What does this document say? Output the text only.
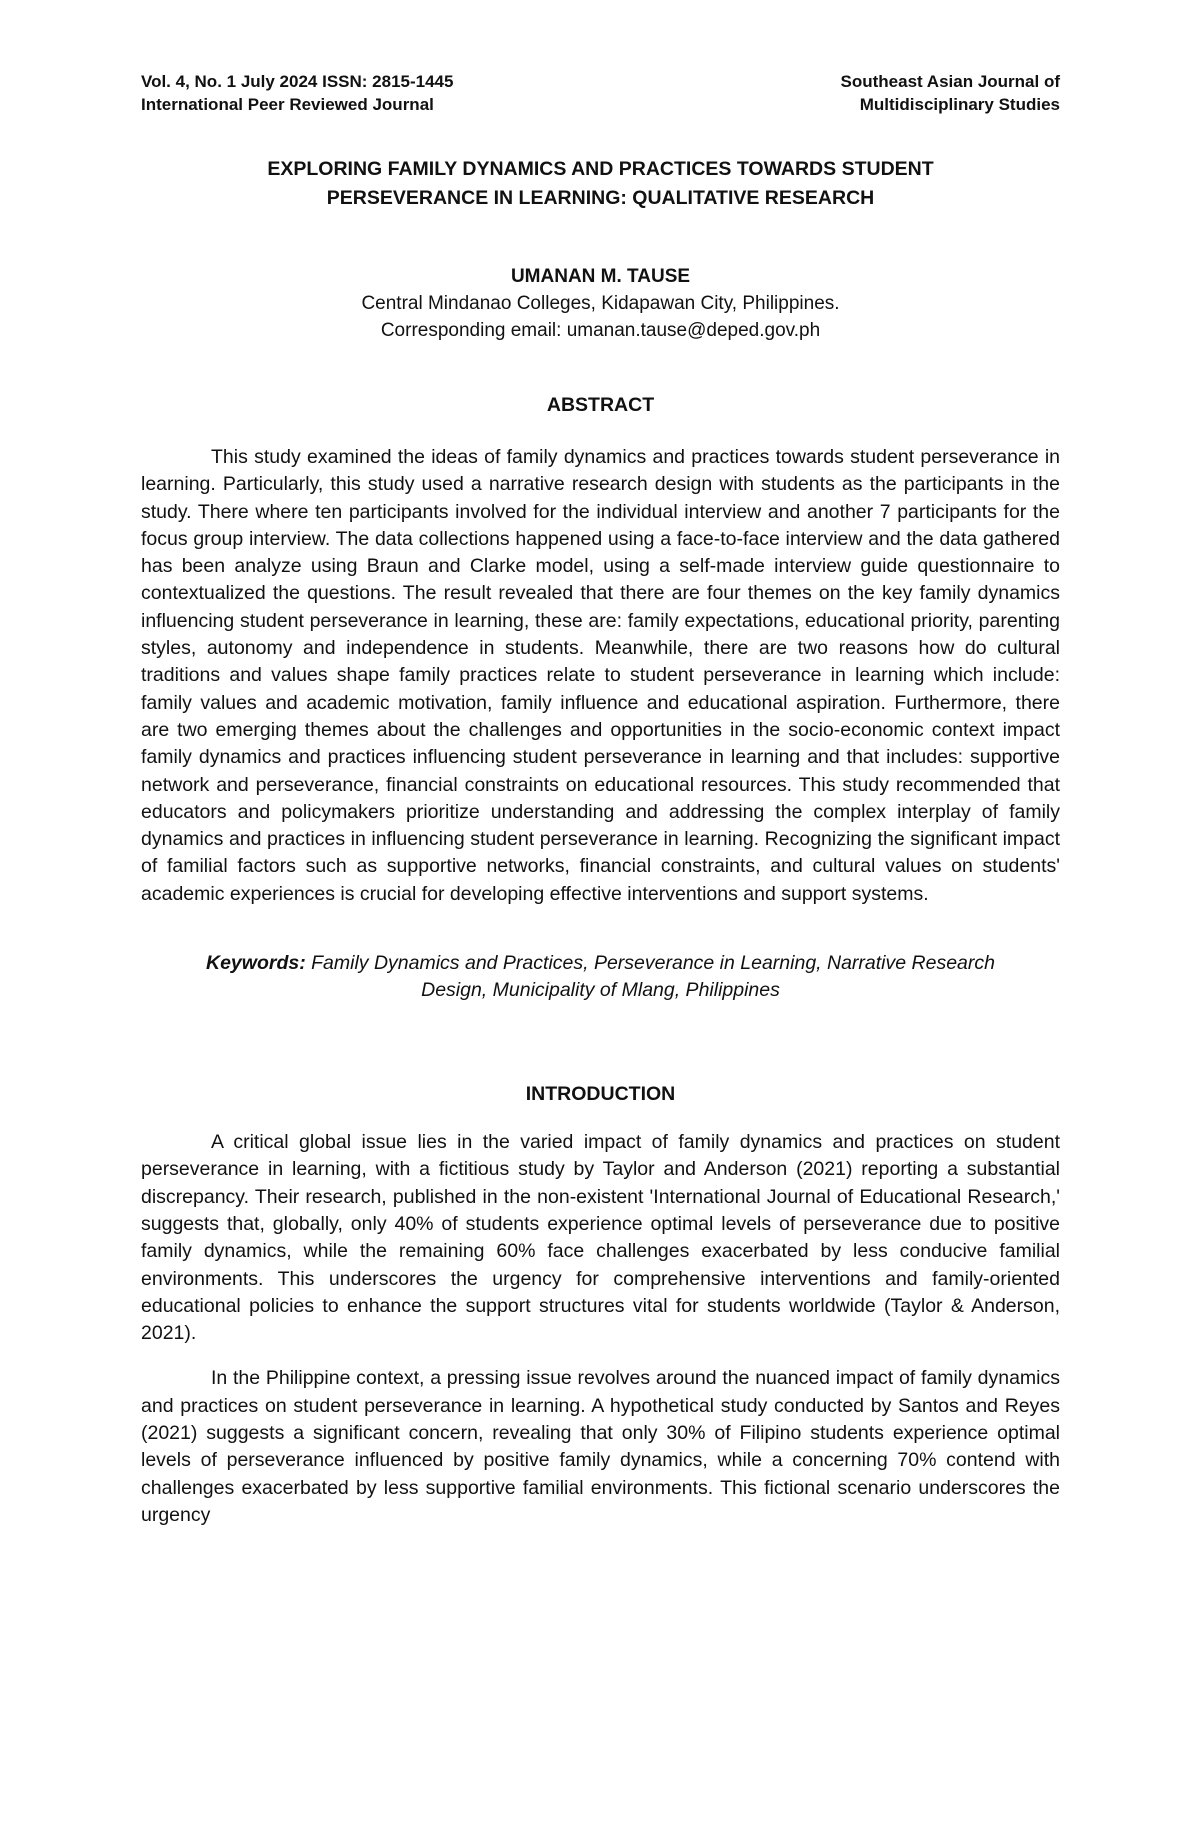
Vol. 4, No. 1 July 2024 ISSN: 2815-1445
International Peer Reviewed Journal
Southeast Asian Journal of
Multidisciplinary Studies
EXPLORING FAMILY DYNAMICS AND PRACTICES TOWARDS STUDENT
PERSEVERANCE IN LEARNING: QUALITATIVE RESEARCH
UMANAN M. TAUSE
Central Mindanao Colleges, Kidapawan City, Philippines.
Corresponding email: umanan.tause@deped.gov.ph
ABSTRACT

This study examined the ideas of family dynamics and practices towards student perseverance in learning. Particularly, this study used a narrative research design with students as the participants in the study. There where ten participants involved for the individual interview and another 7 participants for the focus group interview. The data collections happened using a face-to-face interview and the data gathered has been analyze using Braun and Clarke model, using a self-made interview guide questionnaire to contextualized the questions. The result revealed that there are four themes on the key family dynamics influencing student perseverance in learning, these are: family expectations, educational priority, parenting styles, autonomy and independence in students. Meanwhile, there are two reasons how do cultural traditions and values shape family practices relate to student perseverance in learning which include: family values and academic motivation, family influence and educational aspiration. Furthermore, there are two emerging themes about the challenges and opportunities in the socio-economic context impact family dynamics and practices influencing student perseverance in learning and that includes: supportive network and perseverance, financial constraints on educational resources. This study recommended that educators and policymakers prioritize understanding and addressing the complex interplay of family dynamics and practices in influencing student perseverance in learning. Recognizing the significant impact of familial factors such as supportive networks, financial constraints, and cultural values on students' academic experiences is crucial for developing effective interventions and support systems.

Keywords: Family Dynamics and Practices, Perseverance in Learning, Narrative Research Design, Municipality of Mlang, Philippines
INTRODUCTION

A critical global issue lies in the varied impact of family dynamics and practices on student perseverance in learning, with a fictitious study by Taylor and Anderson (2021) reporting a substantial discrepancy. Their research, published in the non-existent 'International Journal of Educational Research,' suggests that, globally, only 40% of students experience optimal levels of perseverance due to positive family dynamics, while the remaining 60% face challenges exacerbated by less conducive familial environments. This underscores the urgency for comprehensive interventions and family-oriented educational policies to enhance the support structures vital for students worldwide (Taylor & Anderson, 2021).

In the Philippine context, a pressing issue revolves around the nuanced impact of family dynamics and practices on student perseverance in learning. A hypothetical study conducted by Santos and Reyes (2021) suggests a significant concern, revealing that only 30% of Filipino students experience optimal levels of perseverance influenced by positive family dynamics, while a concerning 70% contend with challenges exacerbated by less supportive familial environments. This fictional scenario underscores the urgency
